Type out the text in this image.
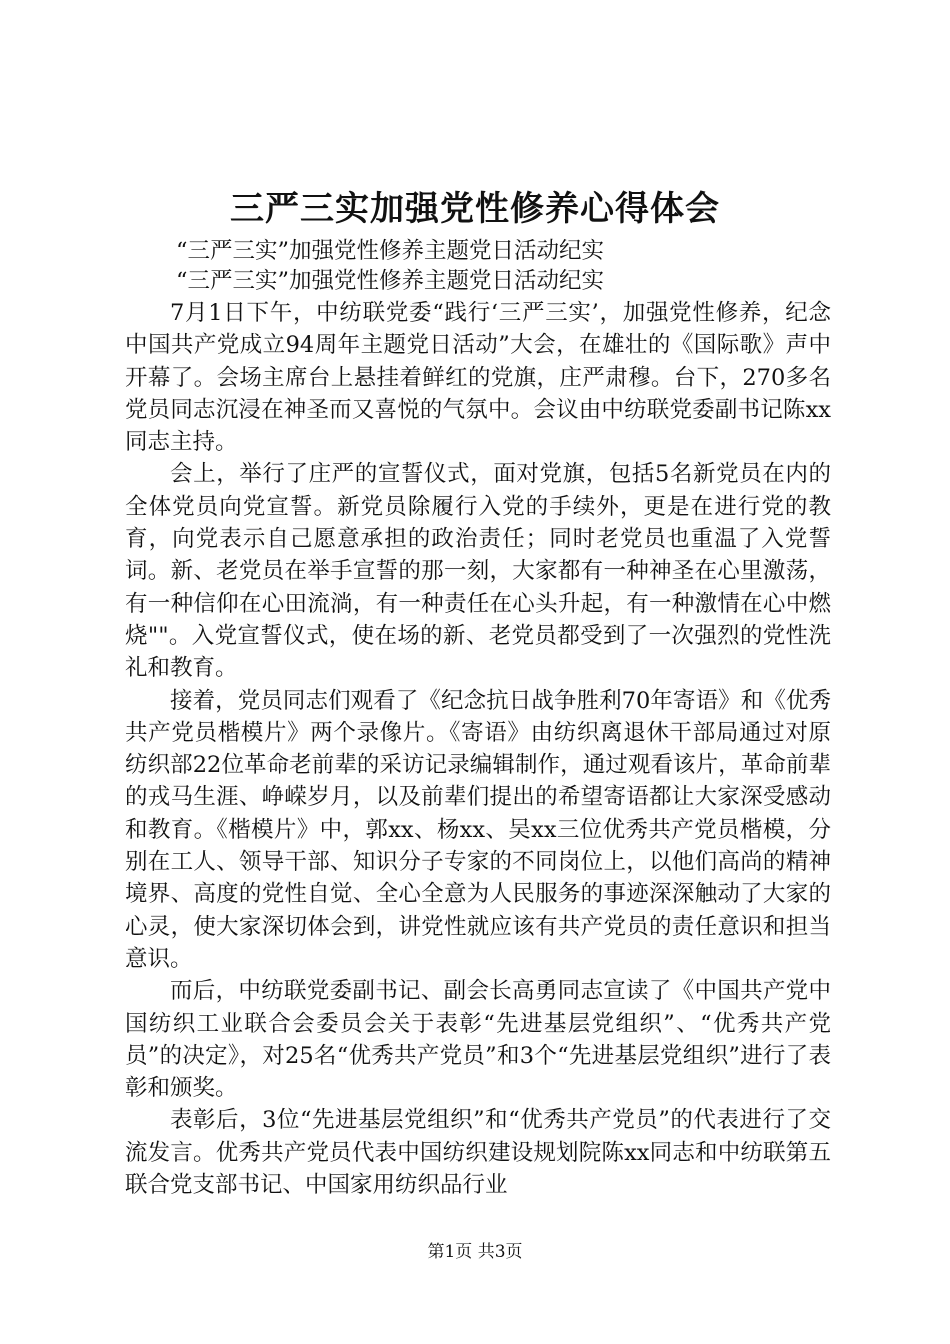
三严三实加强党性修养心得体会
“三严三实”加强党性修养主题党日活动纪实
“三严三实”加强党性修养主题党日活动纪实

7月1日下午，中纺联党委“践行‘三严三实’，加强党性修养，纪念中国共产党成立94周年主题党日活动”大会，在雄壮的《国际歌》声中开幕了。会场主席台上悬挂着鲜红的党旗，庄严肃穆。台下，270多名党员同志沉浸在神圣而又喜悦的气氛中。会议由中纺联党委副书记陈xx同志主持。

会上，举行了庄严的宣誓仪式，面对党旗，包括5名新党员在内的全体党员向党宣誓。新党员除履行入党的手续外，更是在进行党的教育，向党表示自己愿意承担的政治责任；同时老党员也重温了入党誓词。新、老党员在举手宣誓的那一刻，大家都有一种神圣在心里激荡，有一种信仰在心田流淌，有一种责任在心头升起，有一种激情在心中燃烧""。入党宣誓仪式，使在场的新、老党员都受到了一次强烈的党性洗礼和教育。

接着，党员同志们观看了《纪念抗日战争胜利70年寄语》和《优秀共产党员楷模片》两个录像片。《寄语》由纺织离退休干部局通过对原纺织部22位革命老前辈的采访记录编辑制作，通过观看该片，革命前辈的戎马生涯、峥嵘岁月，以及前辈们提出的希望寄语都让大家深受感动和教育。《楷模片》中，郭xx、杨xx、吴xx三位优秀共产党员楷模，分别在工人、领导干部、知识分子专家的不同岗位上，以他们高尚的精神境界、高度的党性自觉、全心全意为人民服务的事迹深深触动了大家的心灵，使大家深切体会到，讲党性就应该有共产党员的责任意识和担当意识。

而后，中纺联党委副书记、副会长高勇同志宣读了《中国共产党中国纺织工业联合会委员会关于表彰“先进基层党组织”、“优秀共产党员”的决定》，对25名“优秀共产党员”和3个“先进基层党组织”进行了表彰和颁奖。

表彰后，3位“先进基层党组织”和“优秀共产党员”的代表进行了交流发言。优秀共产党员代表中国纺织建设规划院陈xx同志和中纺联第五联合党支部书记、中国家用纺织品行业

第1页 共3页
